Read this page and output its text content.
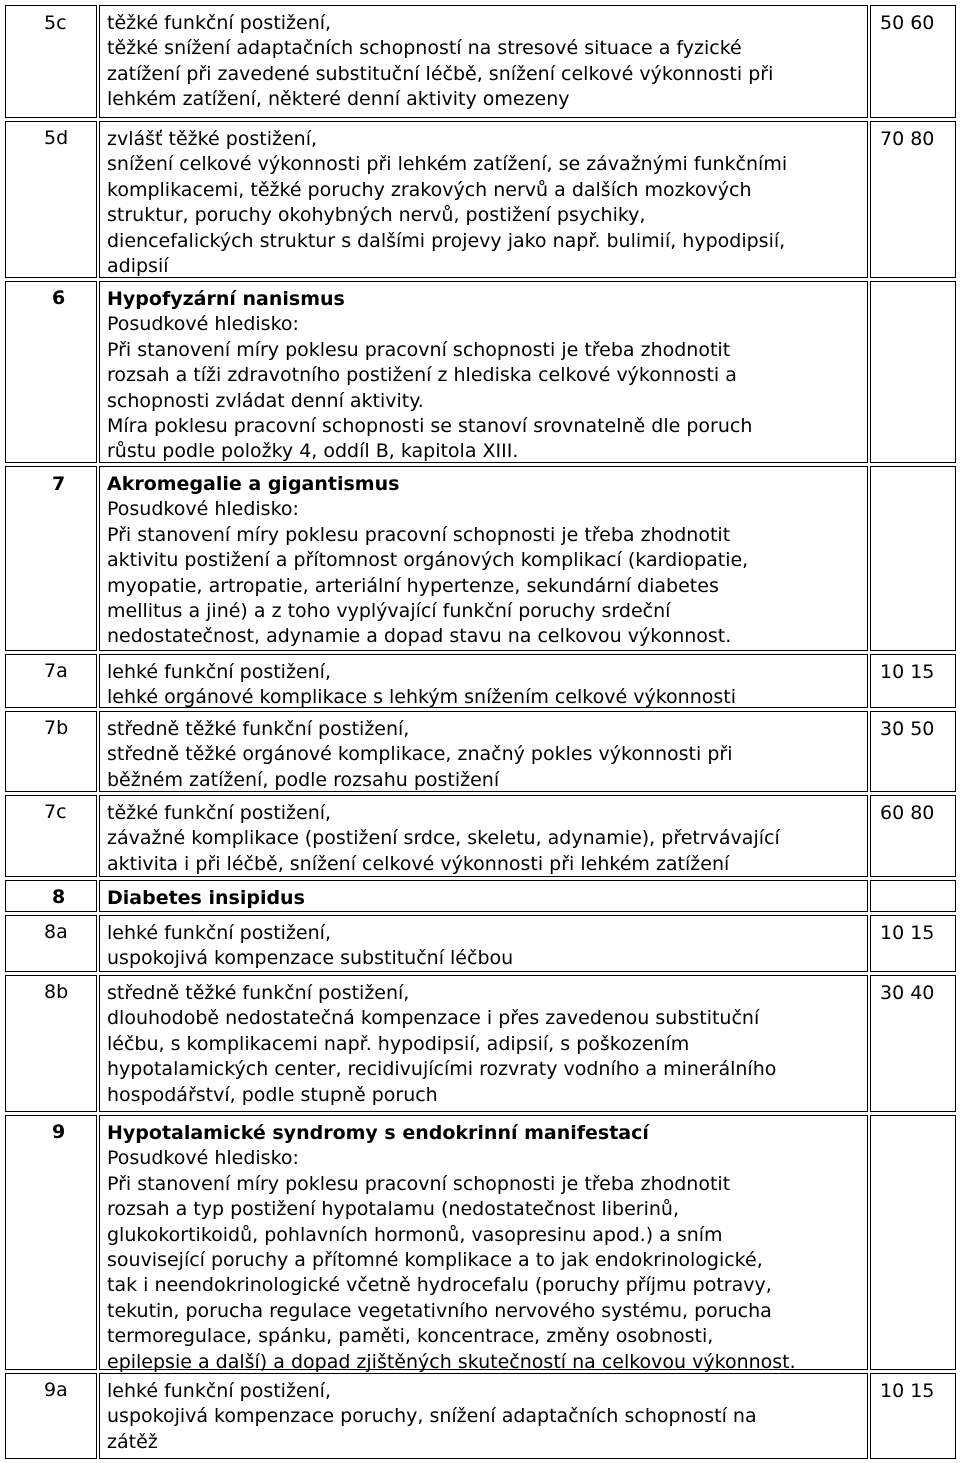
5c těžké funkční postižení,
těžké snížení adaptačních schopností na stresové situace a fyzické
zatížení při zavedené substituční léčbě, snížení celkové výkonnosti při
lehkém zatížení, některé denní aktivity omezeny
50 60
5d zvlášť těžké postižení,
snížení celkové výkonnosti při lehkém zatížení, se závažnými funkčními
komplikacemi, těžké poruchy zrakových nervů a dalších mozkových
struktur, poruchy okohybných nervů, postižení psychiky,
diencefalických struktur s dalšími projevy jako např. bulimií, hypodipsií,
adipsií
70 80
6 Hypofyzární nanismus
Posudkové hledisko:
Při stanovení míry poklesu pracovní schopnosti je třeba zhodnotit
rozsah a tíži zdravotního postižení z hlediska celkové výkonnosti a
schopnosti zvládat denní aktivity.
Míra poklesu pracovní schopnosti se stanoví srovnatelně dle poruch
růstu podle položky 4, oddíl B, kapitola XIII.
7 Akromegalie a gigantismus
Posudkové hledisko:
Při stanovení míry poklesu pracovní schopnosti je třeba zhodnotit
aktivitu postižení a přítomnost orgánových komplikací (kardiopatie,
myopatie, artropatie, arteriální hypertenze, sekundární diabetes
mellitus a jiné) a z toho vyplývající funkční poruchy srdeční
nedostatečnost, adynamie a dopad stavu na celkovou výkonnost.
7a lehké funkční postižení,
lehké orgánové komplikace s lehkým snížením celkové výkonnosti
10 15
7b středně těžké funkční postižení,
středně těžké orgánové komplikace, značný pokles výkonnosti při
běžném zatížení, podle rozsahu postižení
30 50
7c těžké funkční postižení,
závažné komplikace (postižení srdce, skeletu, adynamie), přetrvávající
aktivita i při léčbě, snížení celkové výkonnosti při lehkém zatížení
60 80
8 Diabetes insipidus
8a lehké funkční postižení,
uspokojivá kompenzace substituční léčbou
10 15
8b středně těžké funkční postižení,
dlouhodobě nedostatečná kompenzace i přes zavedenou substituční
léčbu, s komplikacemi např. hypodipsií, adipsií, s poškozením
hypotalamických center, recidivujícími rozvraty vodního a minerálního
hospodářství, podle stupně poruch
30 40
9 Hypotalamické syndromy s endokrinní manifestací
Posudkové hledisko:
Při stanovení míry poklesu pracovní schopnosti je třeba zhodnotit
rozsah a typ postižení hypotalamu (nedostatečnost liberinů,
glukokortikoidů, pohlavních hormonů, vasopresinu apod.) a sním
související poruchy a přítomné komplikace a to jak endokrinologické,
tak i neendokrinologické včetně hydrocefalu (poruchy příjmu potravy,
tekutin, porucha regulace vegetativního nervového systému, porucha
termoregulace, spánku, paměti, koncentrace, změny osobnosti,
epilepsie a další) a dopad zjištěných skutečností na celkovou výkonnost.
9a lehké funkční postižení,
uspokojivá kompenzace poruchy, snížení adaptačních schopností na
zátěž
10 15
